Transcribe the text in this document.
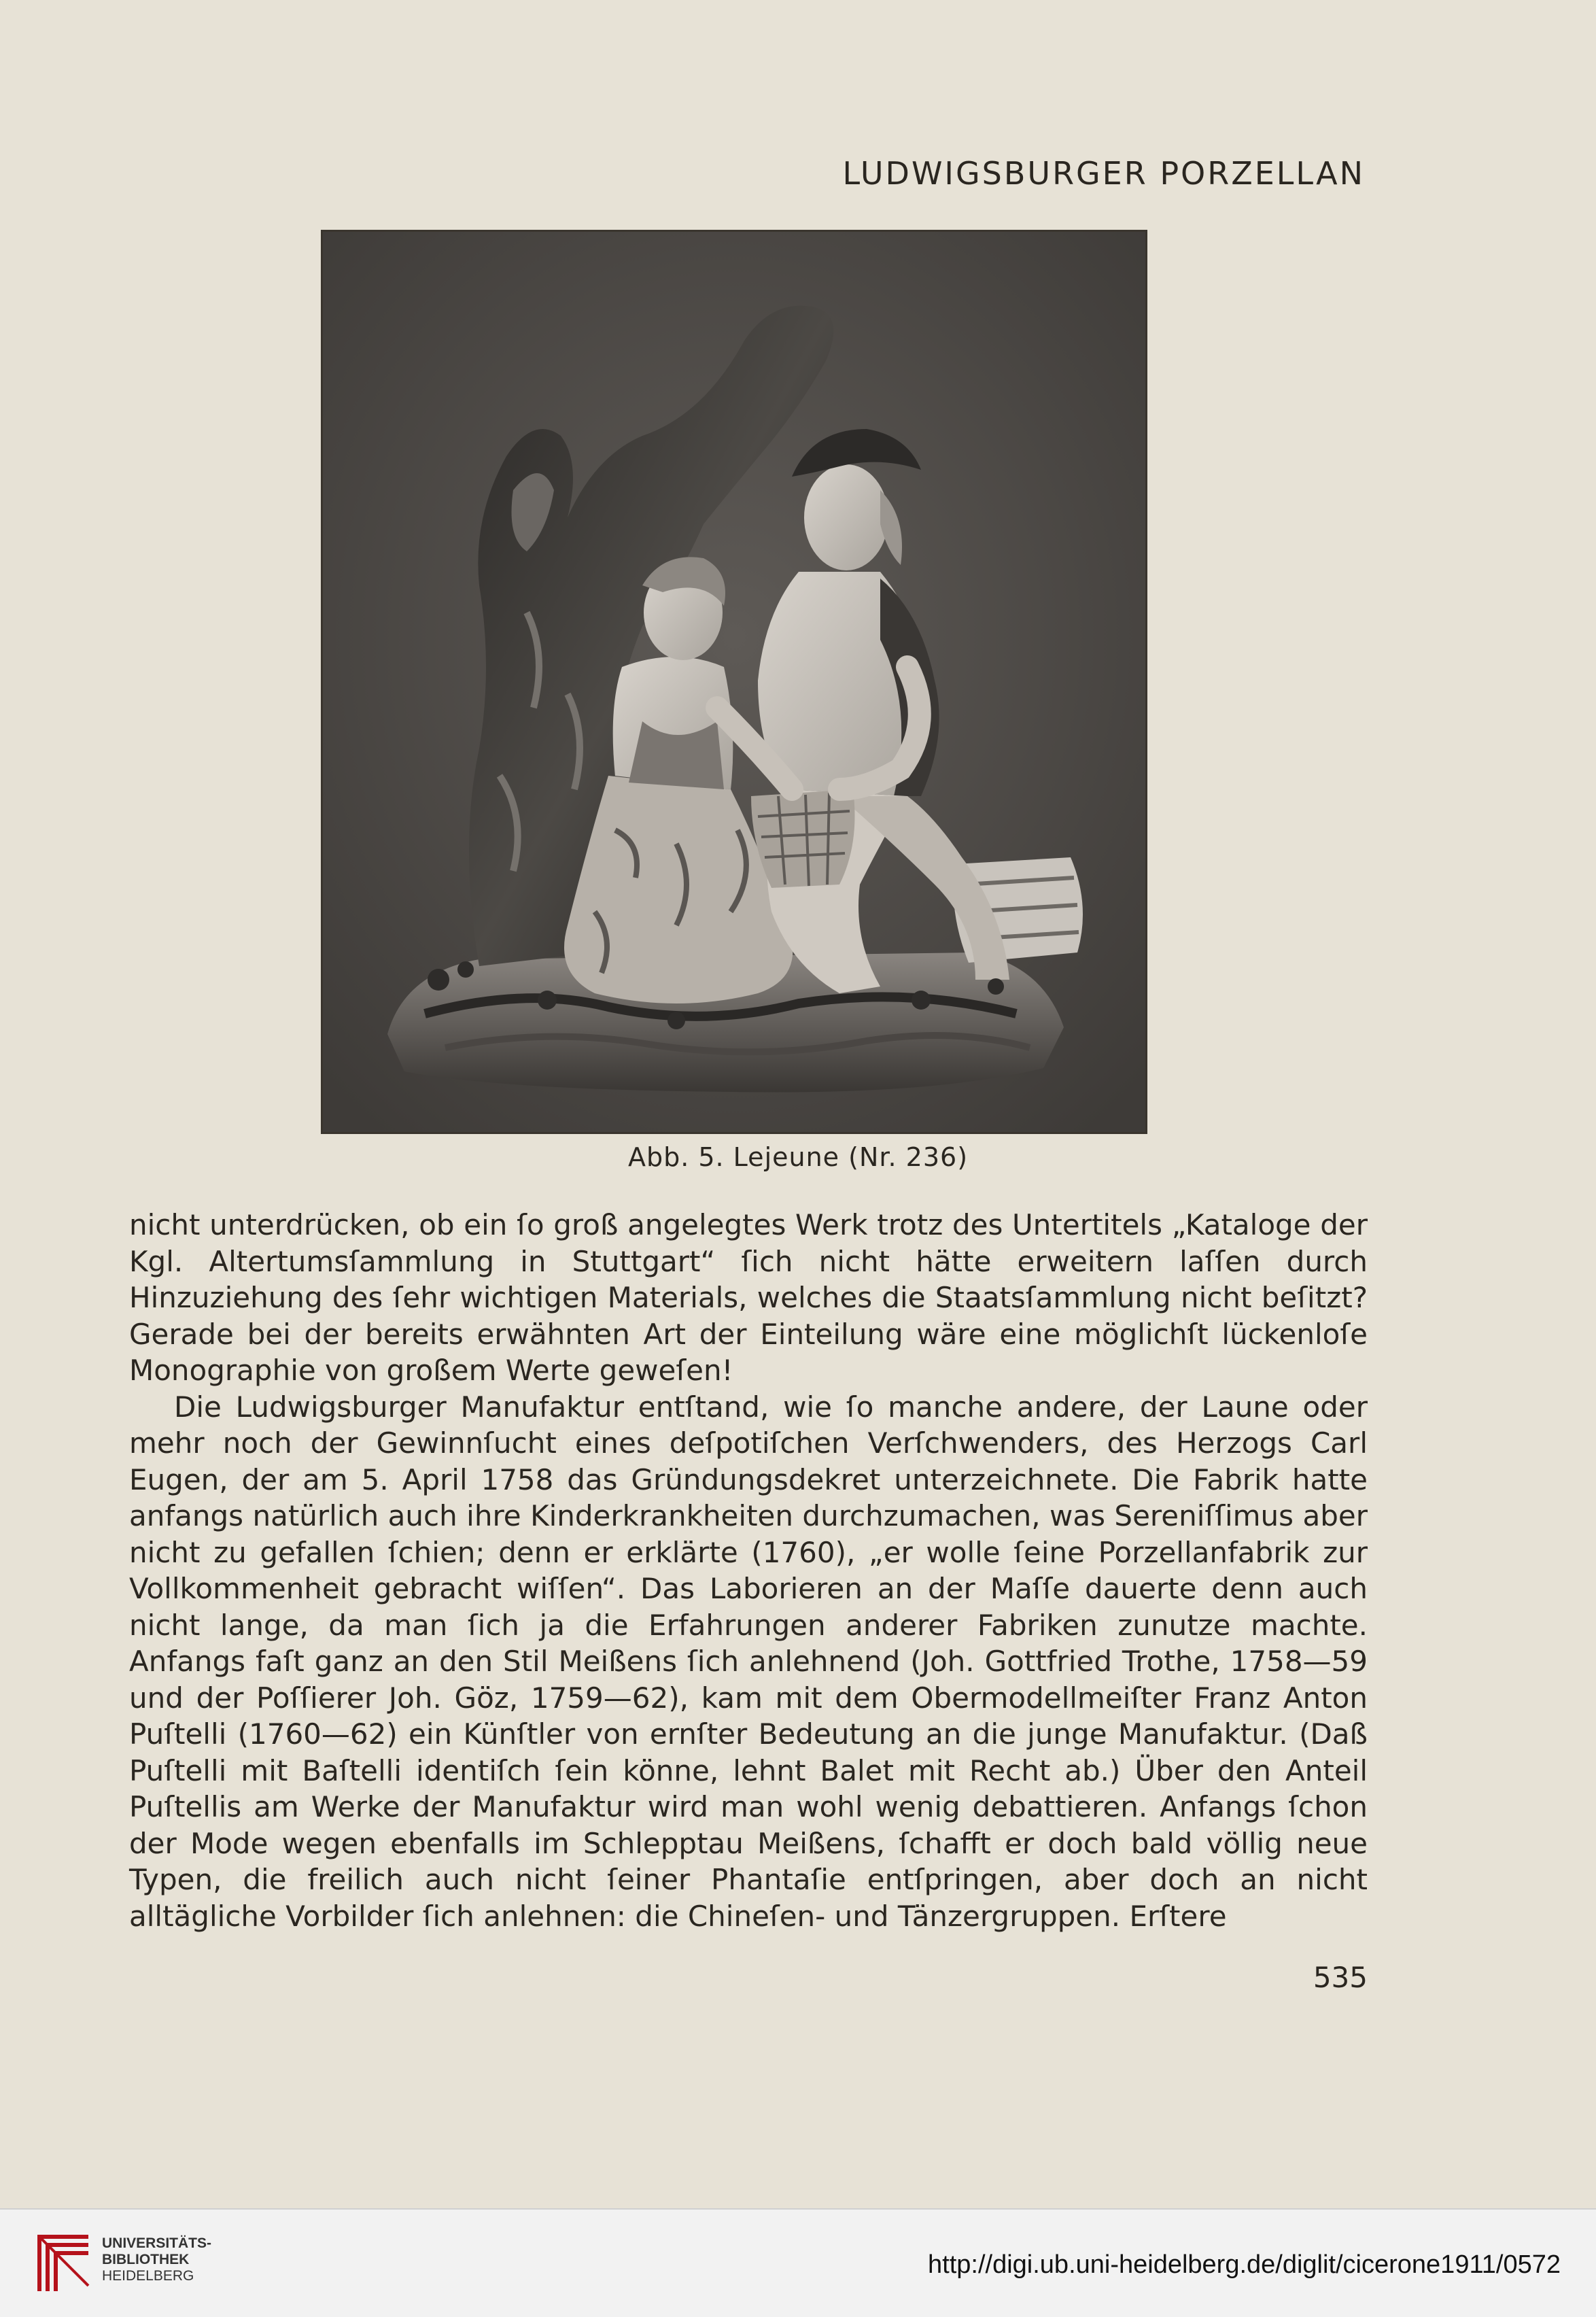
LUDWIGSBURGER PORZELLAN
Abb. 5. Lejeune (Nr. 236)

nicht unterdrücken, ob ein ſo groß angelegtes Werk trotz des Untertitels „Kataloge der Kgl. Altertumsſammlung in Stuttgart“ ſich nicht hätte erweitern laſſen durch Hinzuziehung des ſehr wichtigen Materials, welches die Staatsſammlung nicht beſitzt? Gerade bei der bereits erwähnten Art der Einteilung wäre eine möglichſt lückenloſe Monographie von großem Werte geweſen!

Die Ludwigsburger Manufaktur entſtand, wie ſo manche andere, der Laune oder mehr noch der Gewinnſucht eines deſpotiſchen Verſchwenders, des Herzogs Carl Eugen, der am 5. April 1758 das Gründungsdekret unterzeichnete. Die Fabrik hatte anfangs natürlich auch ihre Kinderkrankheiten durchzumachen, was Sereniſſimus aber nicht zu gefallen ſchien; denn er erklärte (1760), „er wolle ſeine Porzellanfabrik zur Vollkommenheit gebracht wiſſen“. Das Laborieren an der Maſſe dauerte denn auch nicht lange, da man ſich ja die Erfahrungen anderer Fabriken zunutze machte. Anfangs faſt ganz an den Stil Meißens ſich anlehnend (Joh. Gottfried Trothe, 1758—59 und der Poſſierer Joh. Göz, 1759—62), kam mit dem Obermodellmeiſter Franz Anton Puſtelli (1760—62) ein Künſtler von ernſter Bedeutung an die junge Manufaktur. (Daß Puſtelli mit Baſtelli identiſch ſein könne, lehnt Balet mit Recht ab.) Über den Anteil Puſtellis am Werke der Manufaktur wird man wohl wenig debattieren. Anfangs ſchon der Mode wegen ebenfalls im Schlepptau Meißens, ſchafft er doch bald völlig neue Typen, die freilich auch nicht ſeiner Phantaſie entſpringen, aber doch an nicht alltägliche Vorbilder ſich anlehnen: die Chineſen- und Tänzergruppen. Erſtere

535
UNIVERSITÄTS-
BIBLIOTHEK
HEIDELBERG	http://digi.ub.uni-heidelberg.de/diglit/cicerone1911/0572
